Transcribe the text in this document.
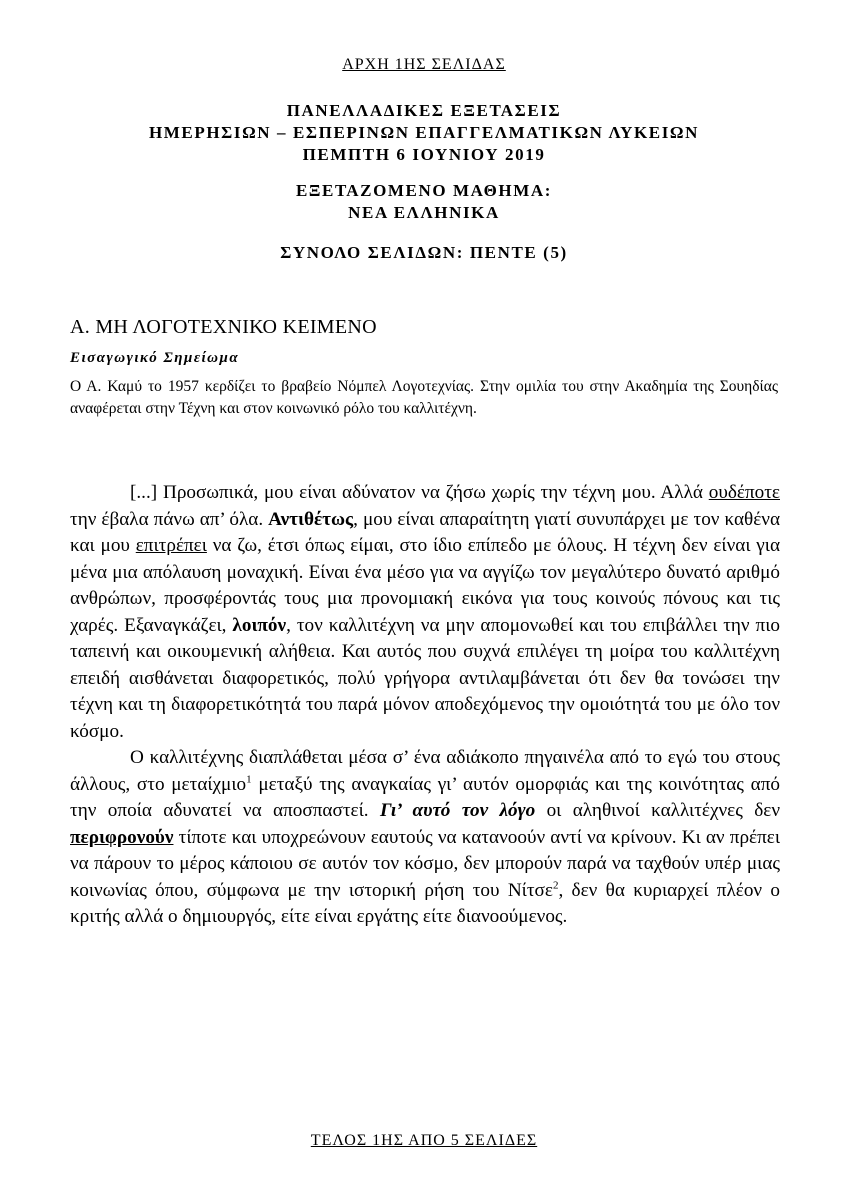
ΑΡΧΗ 1ΗΣ ΣΕΛΙΔΑΣ
ΠΑΝΕΛΛΑΔΙΚΕΣ ΕΞΕΤΑΣΕΙΣ
ΗΜΕΡΗΣΙΩΝ – ΕΣΠΕΡΙΝΩΝ ΕΠΑΓΓΕΛΜΑΤΙΚΩΝ ΛΥΚΕΙΩΝ
ΠΕΜΠΤΗ 6 ΙΟΥΝΙΟΥ 2019
ΕΞΕΤΑΖΟΜΕΝΟ ΜΑΘΗΜΑ:
ΝΕΑ ΕΛΛΗΝΙΚΑ
ΣΥΝΟΛΟ ΣΕΛΙΔΩΝ: ΠΕΝΤΕ (5)
Α. ΜΗ ΛΟΓΟΤΕΧΝΙΚΟ ΚΕΙΜΕΝΟ
Εισαγωγικό Σημείωμα
Ο Α. Καμύ το 1957 κερδίζει το βραβείο Νόμπελ Λογοτεχνίας. Στην ομιλία του στην Ακαδημία της Σουηδίας αναφέρεται στην Τέχνη και στον κοινωνικό ρόλο του καλλιτέχνη.

[...] Προσωπικά, μου είναι αδύνατον να ζήσω χωρίς την τέχνη μου. Αλλά ουδέποτε την έβαλα πάνω απ’ όλα. Αντιθέτως, μου είναι απαραίτητη γιατί συνυπάρχει με τον καθένα και μου επιτρέπει να ζω, έτσι όπως είμαι, στο ίδιο επίπεδο με όλους. Η τέχνη δεν είναι για μένα μια απόλαυση μοναχική. Είναι ένα μέσο για να αγγίζω τον μεγαλύτερο δυνατό αριθμό ανθρώπων, προσφέροντάς τους μια προνομιακή εικόνα για τους κοινούς πόνους και τις χαρές. Εξαναγκάζει, λοιπόν, τον καλλιτέχνη να μην απομονωθεί και του επιβάλλει την πιο ταπεινή και οικουμενική αλήθεια. Και αυτός που συχνά επιλέγει τη μοίρα του καλλιτέχνη επειδή αισθάνεται διαφορετικός, πολύ γρήγορα αντιλαμβάνεται ότι δεν θα τονώσει την τέχνη και τη διαφορετικότητά του παρά μόνον αποδεχόμενος την ομοιότητά του με όλο τον κόσμο.

Ο καλλιτέχνης διαπλάθεται μέσα σ’ ένα αδιάκοπο πηγαινέλα από το εγώ του στους άλλους, στο μεταίχμιο$^1$ μεταξύ της αναγκαίας γι’ αυτόν ομορφιάς και της κοινότητας από την οποία αδυνατεί να αποσπαστεί. Γι’ αυτό τον λόγο οι αληθινοί καλλιτέχνες δεν περιφρονούν τίποτε και υποχρεώνουν εαυτούς να κατανοούν αντί να κρίνουν. Κι αν πρέπει να πάρουν το μέρος κάποιου σε αυτόν τον κόσμο, δεν μπορούν παρά να ταχθούν υπέρ μιας κοινωνίας όπου, σύμφωνα με την ιστορική ρήση του Νίτσε$^2$, δεν θα κυριαρχεί πλέον ο κριτής αλλά ο δημιουργός, είτε είναι εργάτης είτε διανοούμενος.

ΤΕΛΟΣ 1ΗΣ ΑΠΟ 5 ΣΕΛΙΔΕΣ
